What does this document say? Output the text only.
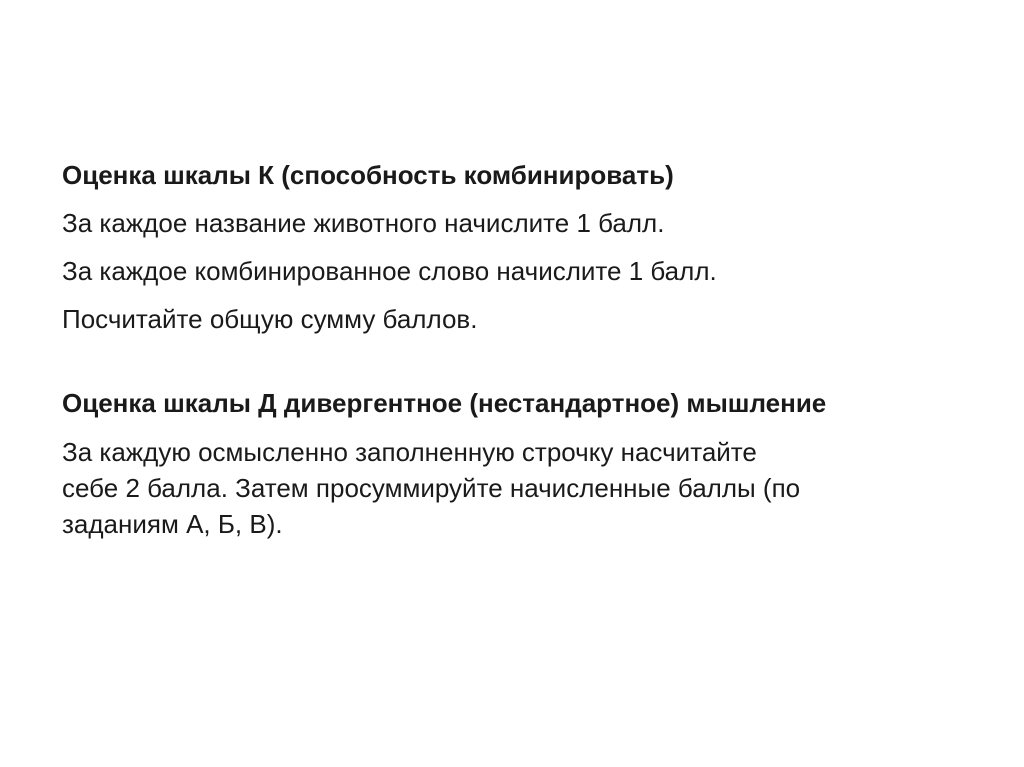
Оценка шкалы К (способность комбинировать)
За каждое название животного начислите 1 балл.
За каждое комбинированное слово начислите 1 балл.
Посчитайте общую сумму баллов.
Оценка шкалы Д дивергентное (нестандартное) мышление
За каждую осмысленно заполненную строчку насчитайте
себе 2 балла. Затем просуммируйте начисленные баллы (по
заданиям А, Б, В).
